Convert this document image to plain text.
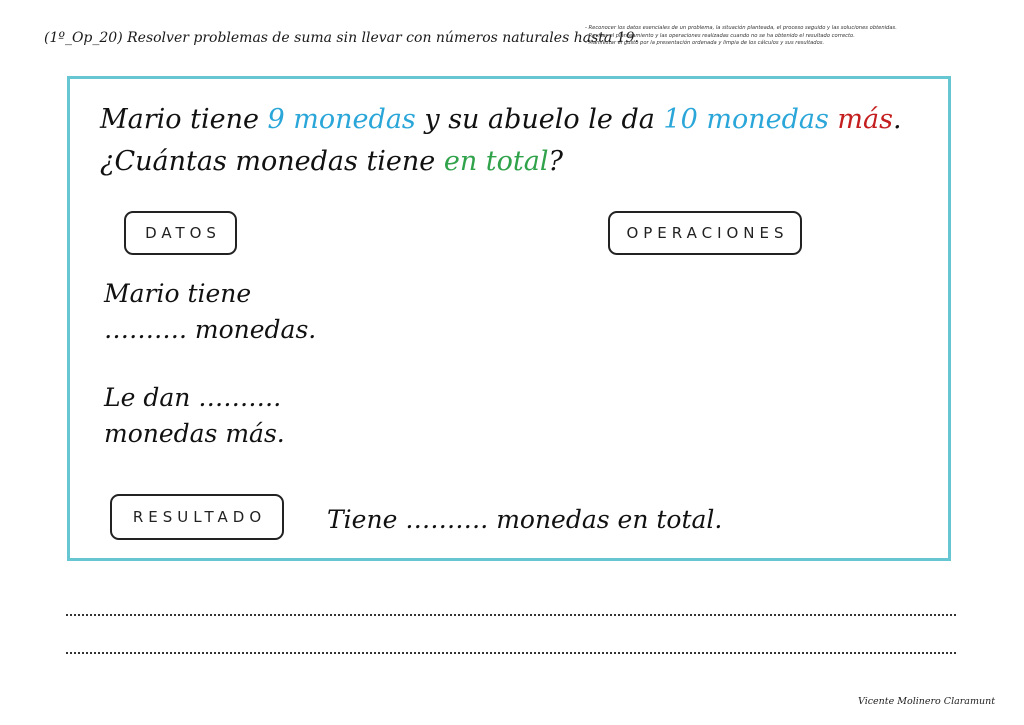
(1º_Op_20) Resolver problemas de suma sin llevar con números naturales hasta 19.
- Reconocer los datos esenciales de un problema, la situación planteada, el proceso seguido y las soluciones obtenidas.
- Revisar el planteamiento y las operaciones realizadas cuando no se ha obtenido el resultado correcto.
- Manifestar el gusto por la presentación ordenada y limpia de los cálculos y sus resultados.
Mario tiene 9 monedas y su abuelo le da 10 monedas más. ¿Cuántas monedas tiene en total?
DATOS	OPERACIONES
Mario tiene
………. monedas.
Le dan ……….
monedas más.
RESULTADO	Tiene ………. monedas en total.
Vicente Molinero Claramunt
